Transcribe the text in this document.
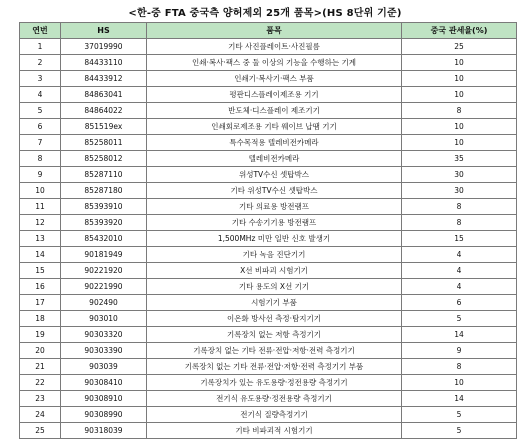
<한-중 FTA 중국측 양허제외 25개 품목>(HS 8단위 기준)
연번	HS	품목	중국 관세율(%)
1	37019990	기타 사진플레이트·사진필름	25
2	84433110	인쇄·복사·팩스 중 둘 이상의 기능을 수행하는 기계	10
3	84433912	인쇄기·복사기·팩스 부품	10
4	84863041	평판디스플레이제조용 기기	10
5	84864022	반도체·디스플레이 제조기기	8
6	851519ex	인쇄회로제조용 기타 웨이브 납땜 기기	10
7	85258011	특수목적용 텔레비전카메라	10
8	85258012	텔레비전카메라	35
9	85287110	위성TV수신 셋탑박스	30
10	85287180	기타 위성TV수신 셋탑박스	30
11	85393910	기타 의료용 방전램프	8
12	85393920	기타 수송기기용 방전램프	8
13	85432010	1,500MHz 미만 일반 신호 발생기	15
14	90181949	기타 녹음 진단기기	4
15	90221920	X선 비파괴 시험기기	4
16	90221990	기타 용도의 X선 기기	4
17	902490	시험기기 부품	6
18	903010	이온화 방사선 측정·탐지기기	5
19	90303320	기록장치 없는 저항 측정기기	14
20	90303390	기록장치 없는 기타 전류·전압·저항·전력 측정기기	9
21	903039	기록장치 없는 기타 전류·전압·저항·전력 측정기기 부품	8
22	90308410	기록장치가 있는 유도용량·정전용량 측정기기	10
23	90308910	전기식 유도용량·정전용량 측정기기	14
24	90308990	전기식 질량측정기기	5
25	90318039	기타 비파괴적 시험기기	5
